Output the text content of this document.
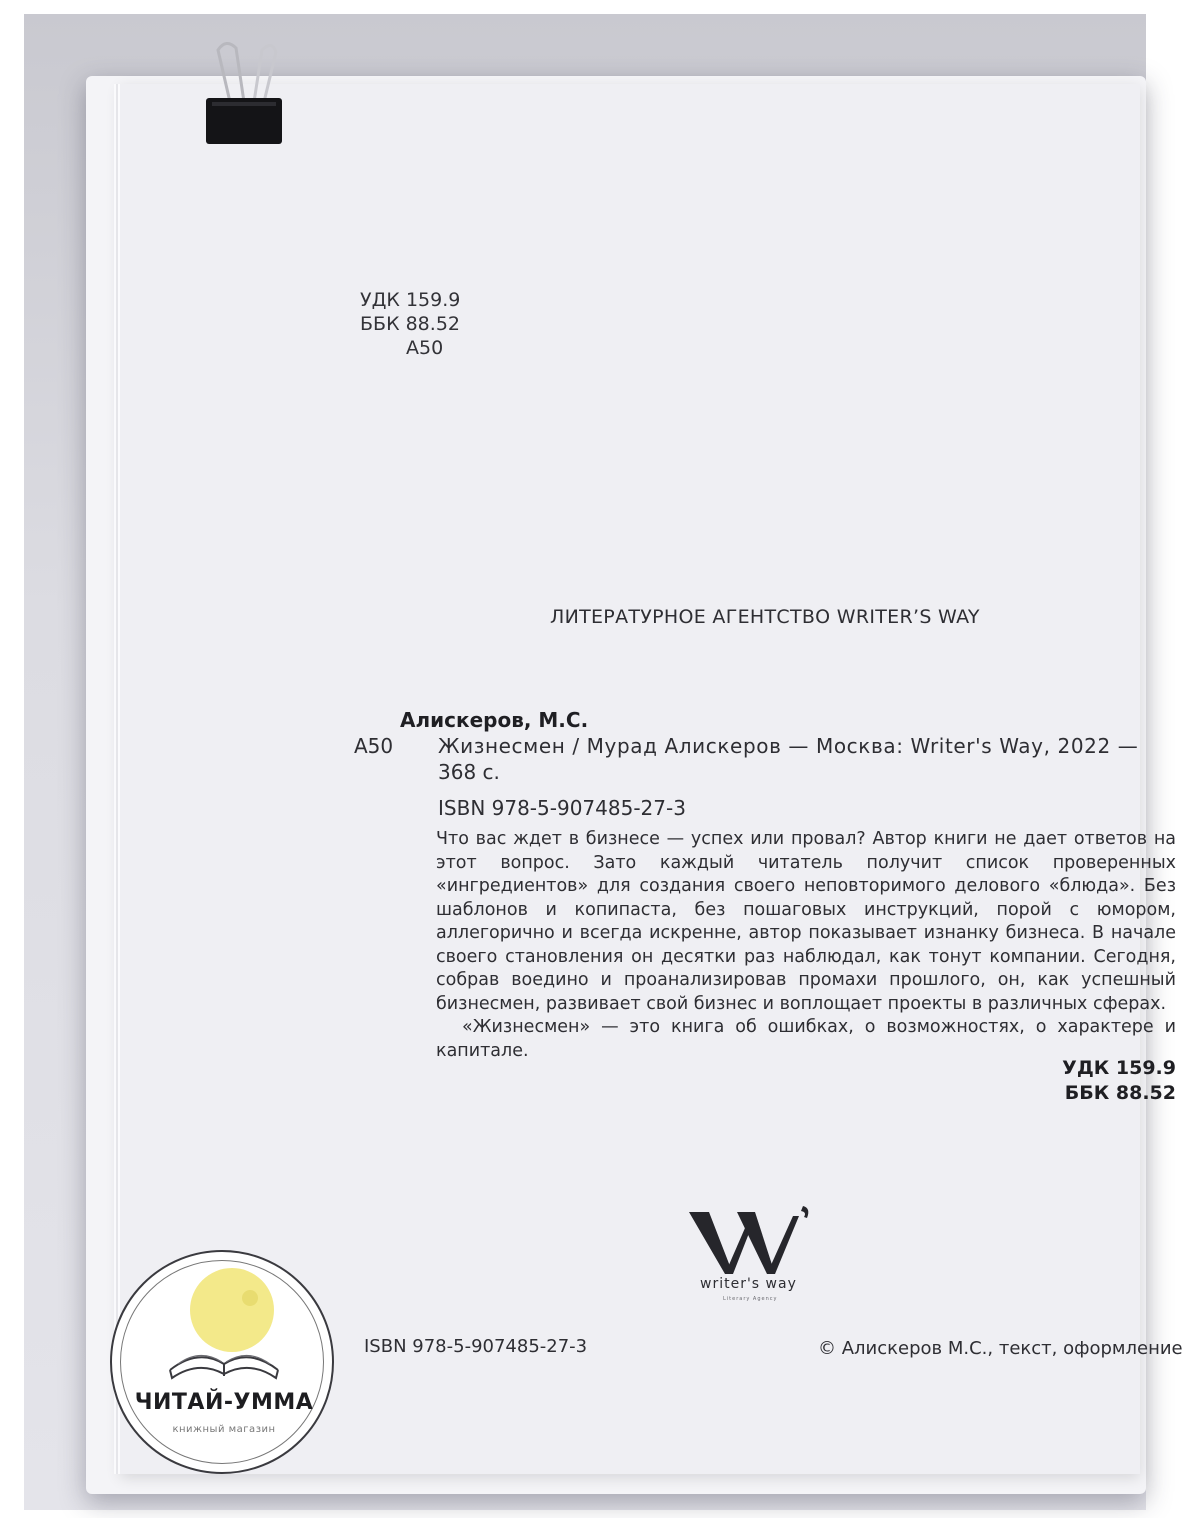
УДК 159.9
ББК 88.52
А50
ЛИТЕРАТУРНОЕ АГЕНТСТВО WRITER’S WAY
Алискеров, М.С.
А50 Жизнесмен / Мурад Алискеров — Москва: Writer's Way, 2022 —
368 с.
ISBN 978-5-907485-27-3

Что вас ждет в бизнесе — успех или провал? Автор книги не дает ответов на этот вопрос. Зато каждый читатель получит список проверенных «ингредиентов» для создания своего неповторимого делового «блюда». Без шаблонов и копипаста, без пошаговых инструкций, порой с юмором, аллегорично и всегда искренне, автор показывает изнанку бизнеса. В начале своего становления он десятки раз наблюдал, как тонут компании. Сегодня, собрав воедино и проанализировав промахи прошлого, он, как успешный бизнесмен, развивает свой бизнес и воплощает проекты в различных сферах.

«Жизнесмен» — это книга об ошибках, о возможностях, о характере и капитале.

УДК 159.9
ББК 88.52
writer's way
Literary Agency
ISBN 978-5-907485-27-3	© Алискеров М.С., текст, оформление
ЧИТАЙ-УММА
книжный магазин
